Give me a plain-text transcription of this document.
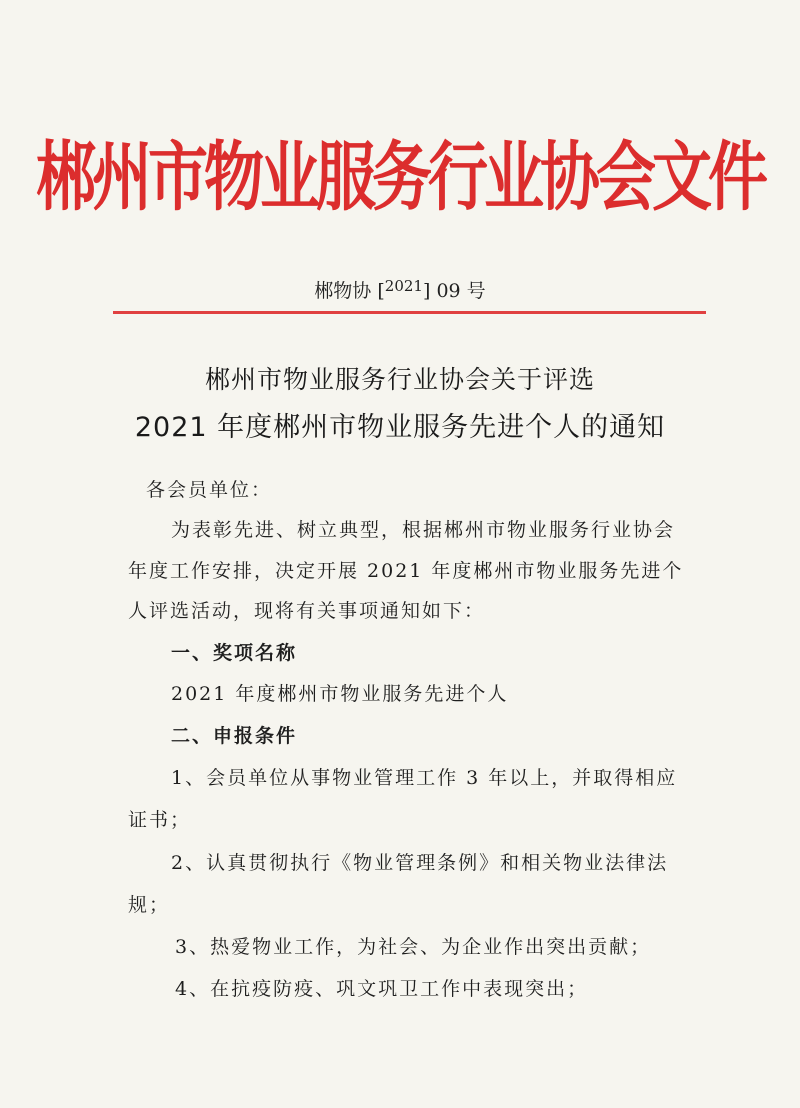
郴州市物业服务行业协会文件
郴物协 [$^{2021}$] 09 号
郴州市物业服务行业协会关于评选
2021 年度郴州市物业服务先进个人的通知
各会员单位：
为表彰先进、树立典型，根据郴州市物业服务行业协会
年度工作安排，决定开展 2021 年度郴州市物业服务先进个
人评选活动，现将有关事项通知如下：
一、奖项名称
2021 年度郴州市物业服务先进个人
二、申报条件
1、会员单位从事物业管理工作 3 年以上，并取得相应
证书；
2、认真贯彻执行《物业管理条例》和相关物业法律法
规；
3、热爱物业工作，为社会、为企业作出突出贡献；
4、在抗疫防疫、巩文巩卫工作中表现突出；
